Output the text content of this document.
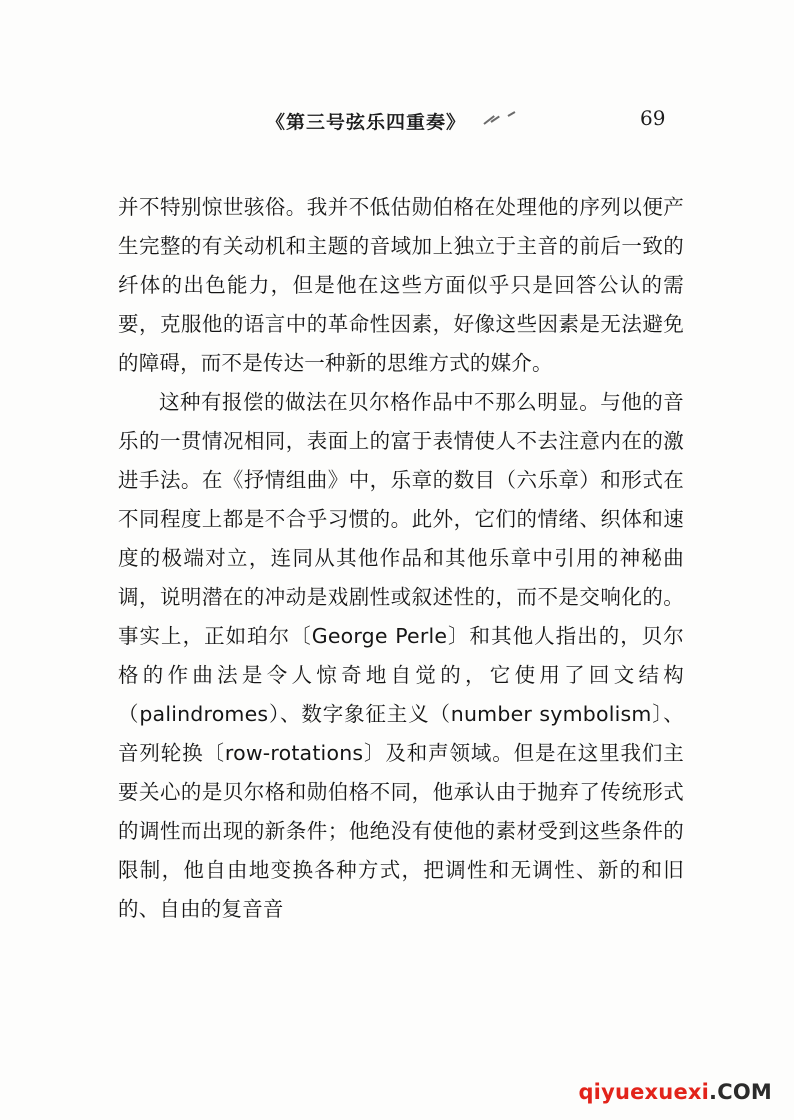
《第三号弦乐四重奏》	69

并不特别惊世骇俗。我并不低估勋伯格在处理他的序列以便产生完整的有关动机和主题的音域加上独立于主音的前后一致的纤体的出色能力，但是他在这些方面似乎只是回答公认的需要，克服他的语言中的革命性因素，好像这些因素是无法避免的障碍，而不是传达一种新的思维方式的媒介。

这种有报偿的做法在贝尔格作品中不那么明显。与他的音乐的一贯情况相同，表面上的富于表情使人不去注意内在的激进手法。在《抒情组曲》中，乐章的数目（六乐章）和形式在不同程度上都是不合乎习惯的。此外，它们的情绪、织体和速度的极端对立，连同从其他作品和其他乐章中引用的神秘曲调，说明潜在的冲动是戏剧性或叙述性的，而不是交响化的。事实上，正如珀尔〔George Perle〕和其他人指出的，贝尔格的作曲法是令人惊奇地自觉的，它使用了回文结构（palindromes）、数字象征主义（number symbolism〕、音列轮换〔row-rotations〕及和声领域。但是在这里我们主要关心的是贝尔格和勋伯格不同，他承认由于抛弃了传统形式的调性而出现的新条件；他绝没有使他的素材受到这些条件的限制，他自由地变换各种方式，把调性和无调性、新的和旧的、自由的复音音

qiyuexuexi.COM
